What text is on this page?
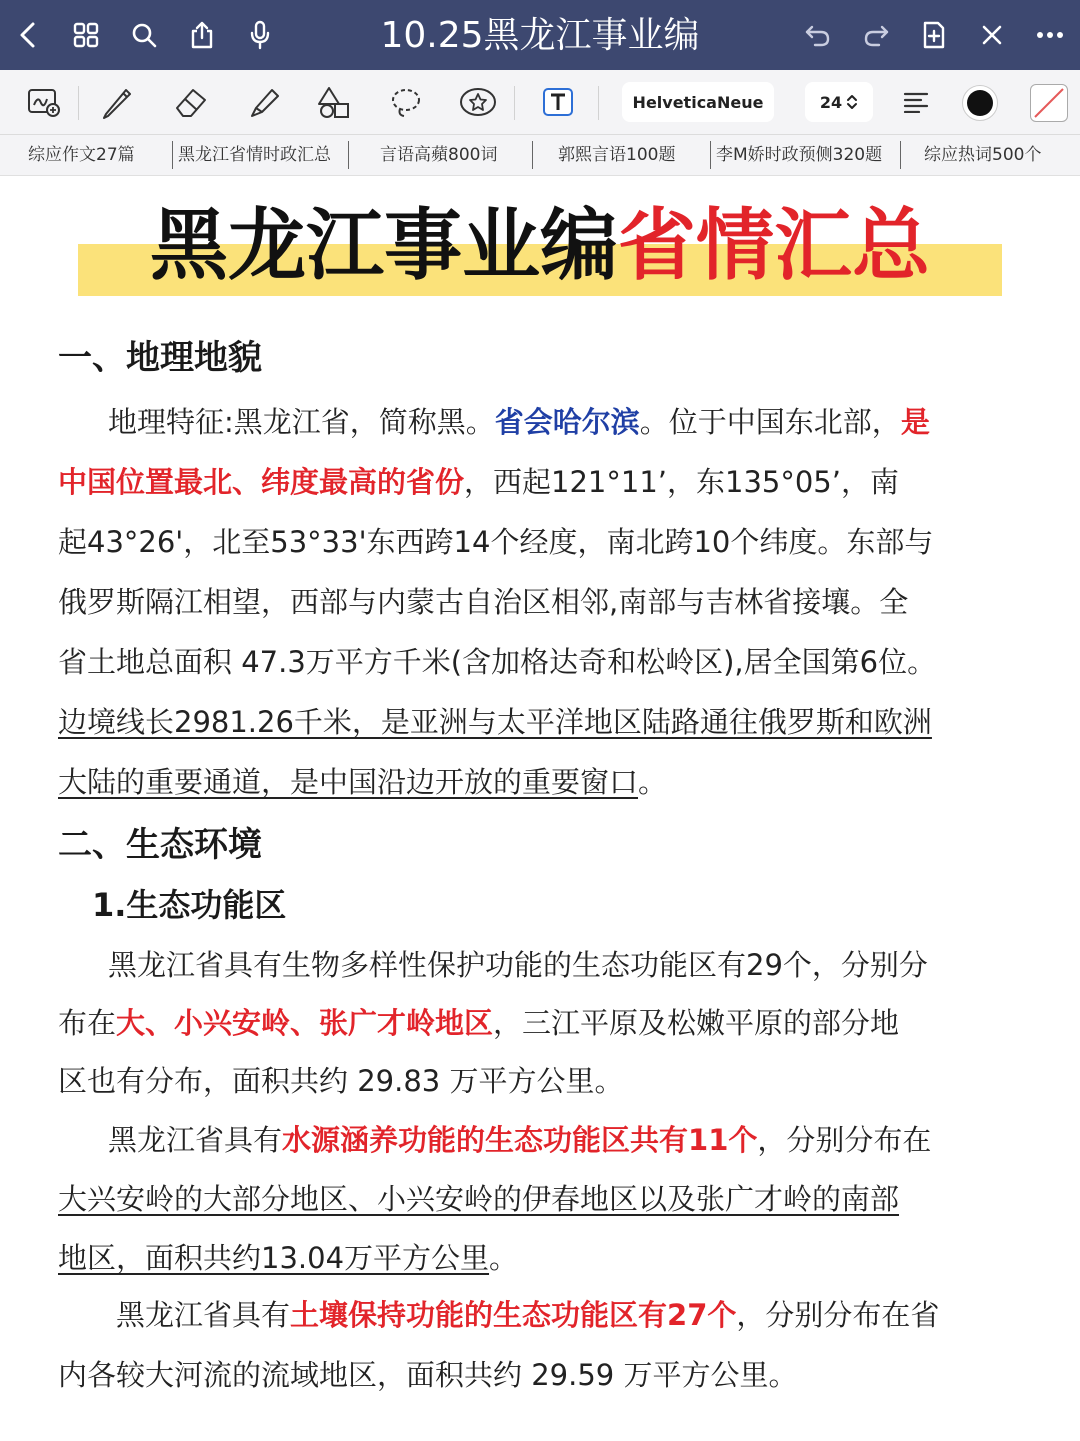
10.25黑龙江事业编
HelveticaNeue	24
综应作文27篇	黑龙江省情时政汇总	言语高蘋800词	郭熙言语100题 李M娇时政预侧320题 综应热词500个
黑龙江事业编省情汇总
一、地理地貌
地理特征:黑龙江省，简称黑。省会哈尔滨。位于中国东北部，是
中国位置最北、纬度最高的省份，西起121°11’，东135°05’，南
起43°26'，北至53°33'东西跨14个经度，南北跨10个纬度。东部与
俄罗斯隔江相望，西部与内蒙古自治区相邻,南部与吉林省接壤。全
省土地总面积 47.3万平方千米(含加格达奇和松岭区),居全国第6位。
边境线长2981.26千米，是亚洲与太平洋地区陆路通往俄罗斯和欧洲
大陆的重要通道，是中国沿边开放的重要窗口。
二、生态环境
1.生态功能区
黑龙江省具有生物多样性保护功能的生态功能区有29个，分别分
布在大、小兴安岭、张广才岭地区，三江平原及松嫩平原的部分地
区也有分布，面积共约 29.83 万平方公里。
黑龙江省具有水源涵养功能的生态功能区共有11个，分别分布在
大兴安岭的大部分地区、小兴安岭的伊春地区以及张广才岭的南部
地区，面积共约13.04万平方公里。
黑龙江省具有土壤保持功能的生态功能区有27个，分别分布在省
内各较大河流的流域地区，面积共约 29.59 万平方公里。
